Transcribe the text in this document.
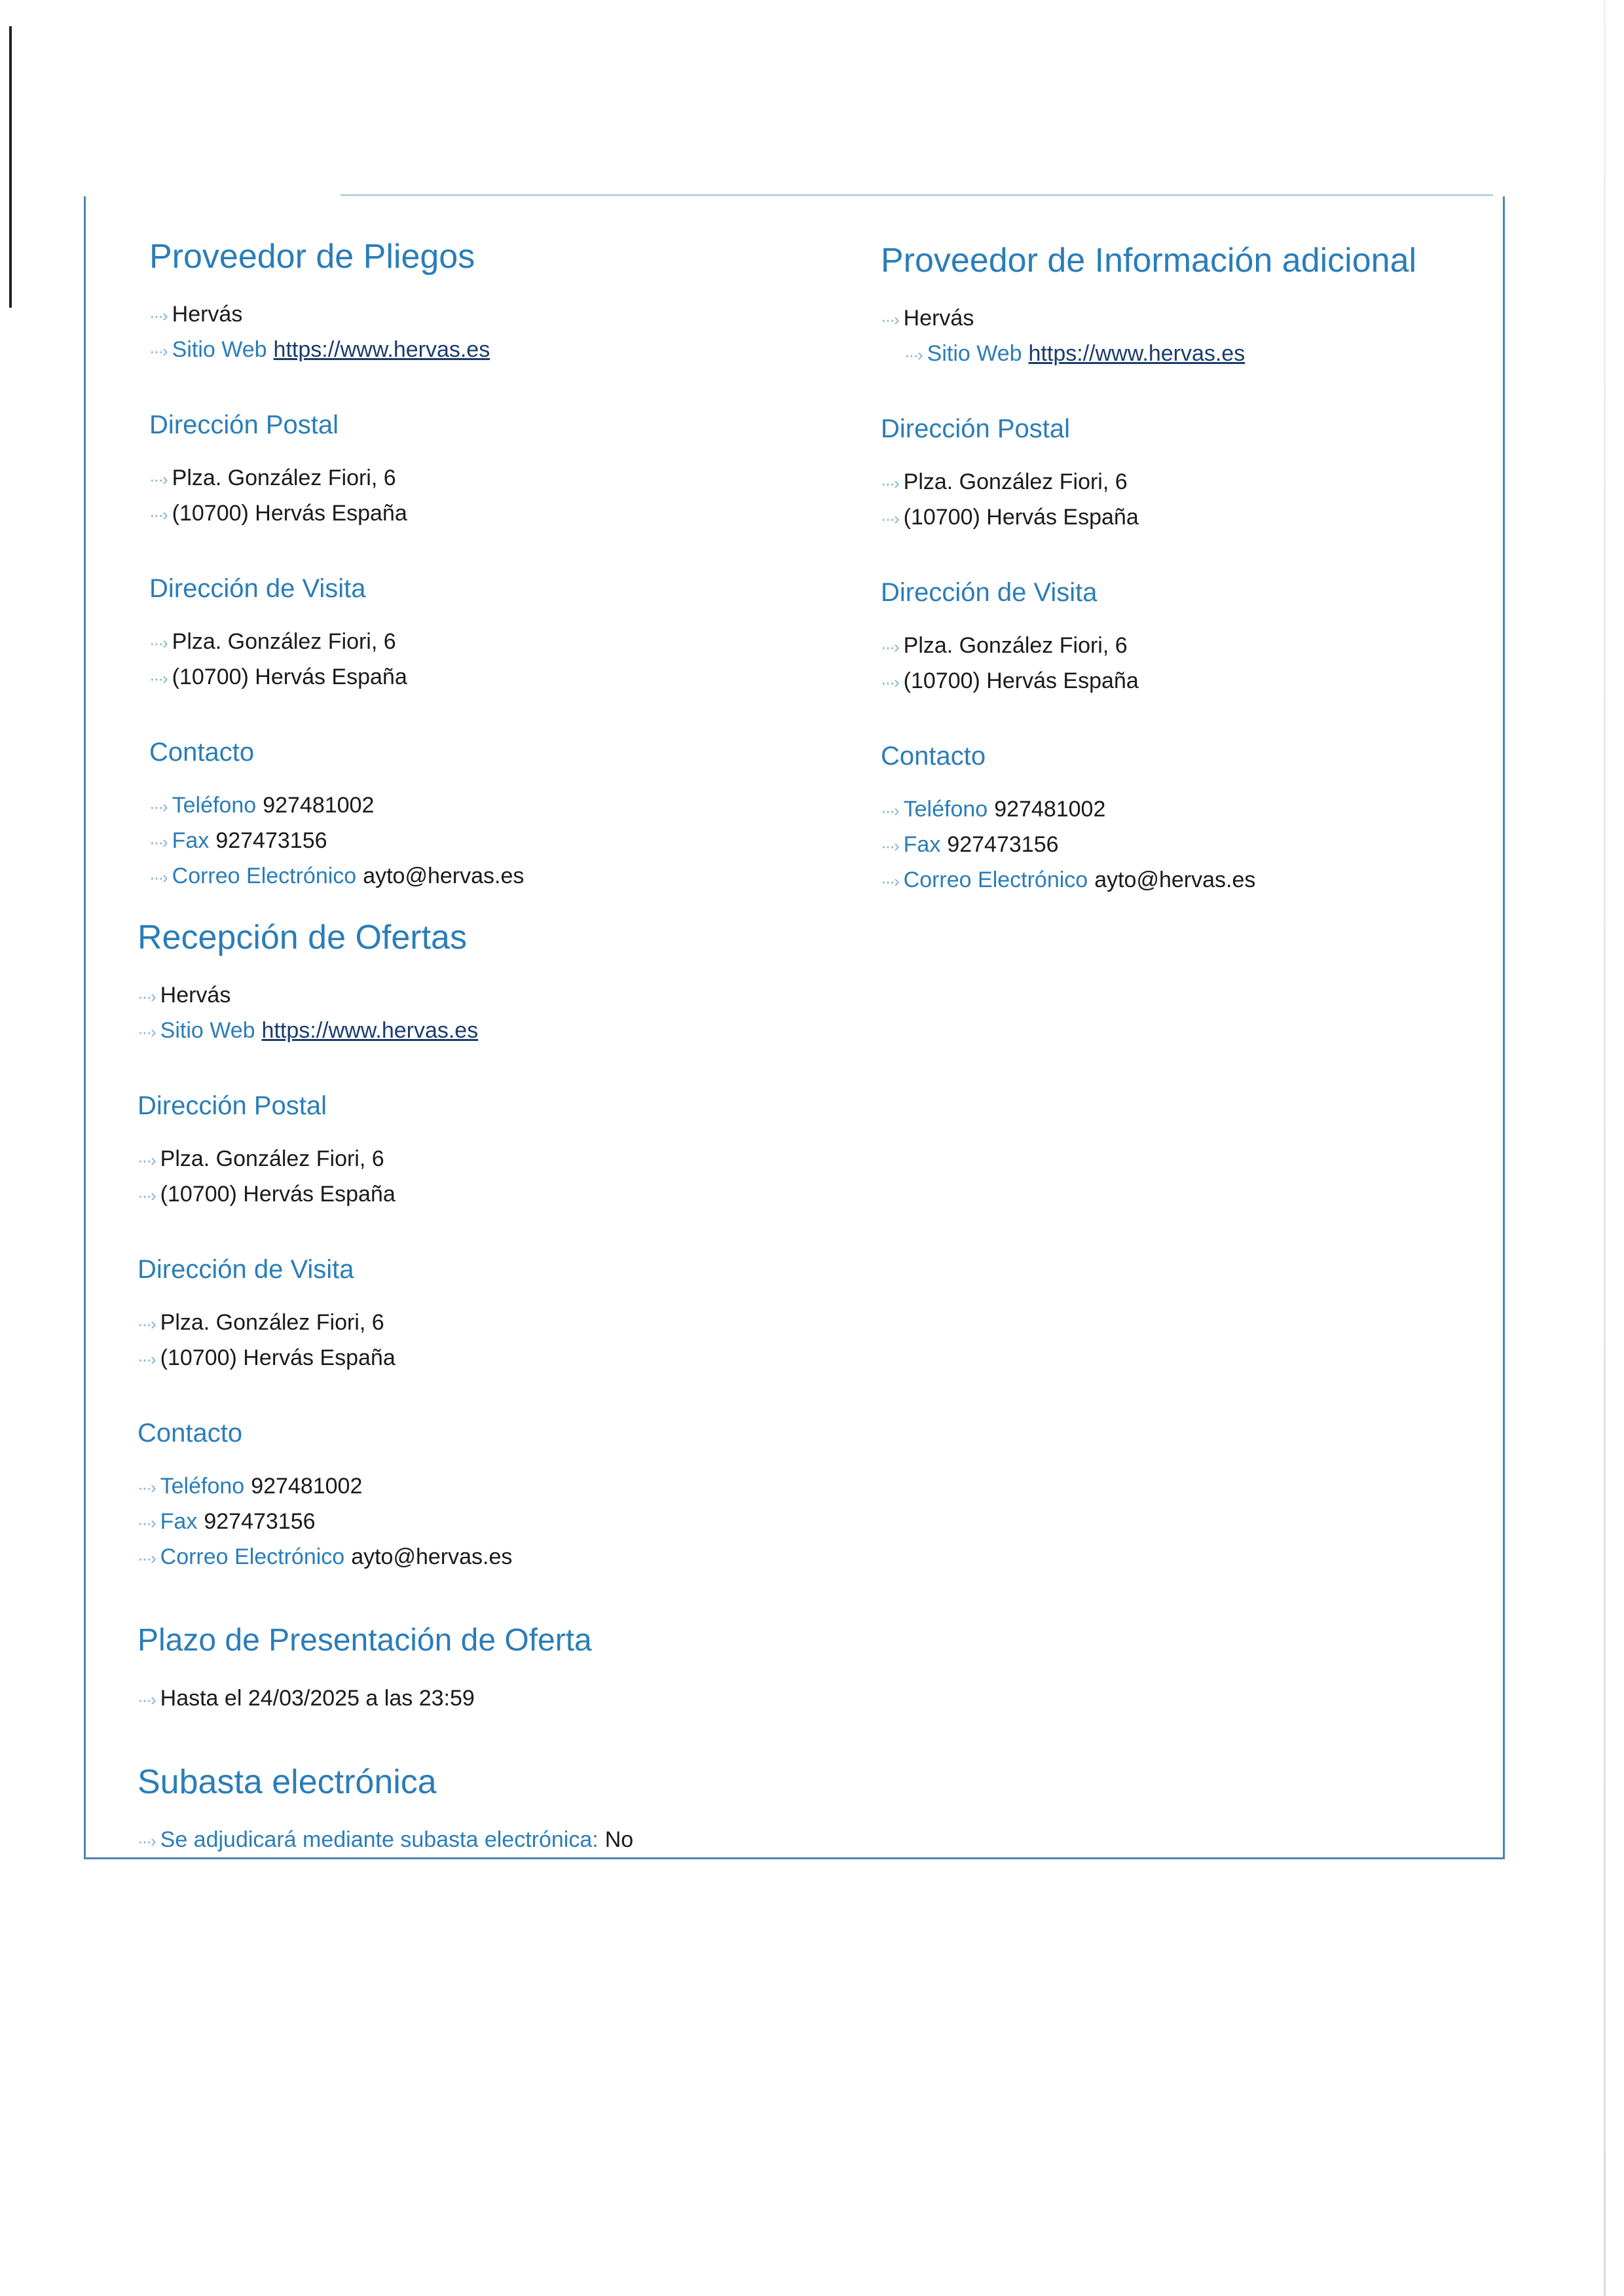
Proveedor de Pliegos
···› Hervás
···› Sitio Web https://www.hervas.es
Dirección Postal
···› Plza. González Fiori, 6
···› (10700) Hervás España
Dirección de Visita
···› Plza. González Fiori, 6
···› (10700) Hervás España
Contacto
···› Teléfono 927481002
···› Fax 927473156
···› Correo Electrónico ayto@hervas.es
Proveedor de Información adicional
···› Hervás
···› Sitio Web https://www.hervas.es
Dirección Postal
···› Plza. González Fiori, 6
···› (10700) Hervás España
Dirección de Visita
···› Plza. González Fiori, 6
···› (10700) Hervás España
Contacto
···› Teléfono 927481002
···› Fax 927473156
···› Correo Electrónico ayto@hervas.es
Recepción de Ofertas
···› Hervás
···› Sitio Web https://www.hervas.es
Dirección Postal
···› Plza. González Fiori, 6
···› (10700) Hervás España
Dirección de Visita
···› Plza. González Fiori, 6
···› (10700) Hervás España
Contacto
···› Teléfono 927481002
···› Fax 927473156
···› Correo Electrónico ayto@hervas.es
Plazo de Presentación de Oferta
···› Hasta el 24/03/2025 a las 23:59
Subasta electrónica
···› Se adjudicará mediante subasta electrónica: No
